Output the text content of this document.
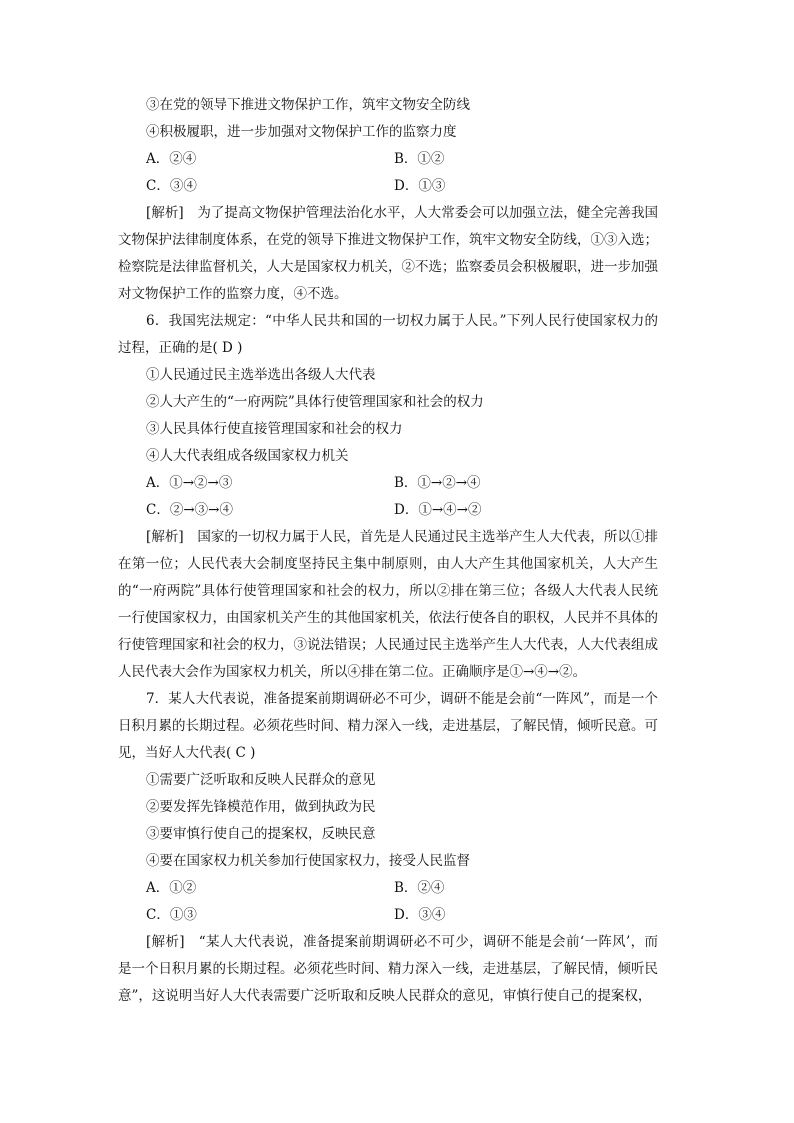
③在党的领导下推进文物保护工作，筑牢文物安全防线
④积极履职，进一步加强对文物保护工作的监察力度
A．②④	B．①②
C．③④	D．①③
[解析]　 为了提高文物保护管理法治化水平，人大常委会可以加强立法，健全完善我国文物保护法律制度体系，在党的领导下推进文物保护工作，筑牢文物安全防线，①③入选；检察院是法律监督机关，人大是国家权力机关，②不选；监察委员会积极履职，进一步加强对文物保护工作的监察力度，④不选。
6．我国宪法规定：“中华人民共和国的一切权力属于人民。”下列人民行使国家权力的过程，正确的是( D )
①人民通过民主选举选出各级人大代表
②人大产生的“一府两院”具体行使管理国家和社会的权力
③人民具体行使直接管理国家和社会的权力
④人大代表组成各级国家权力机关
A．①→②→③	B．①→②→④
C．②→③→④	D．①→④→②
[解析]　 国家的一切权力属于人民，首先是人民通过民主选举产生人大代表，所以①排在第一位；人民代表大会制度坚持民主集中制原则，由人大产生其他国家机关，人大产生的“一府两院”具体行使管理国家和社会的权力，所以②排在第三位；各级人大代表人民统一行使国家权力，由国家机关产生的其他国家机关，依法行使各自的职权，人民并不具体的行使管理国家和社会的权力，③说法错误；人民通过民主选举产生人大代表，人大代表组成人民代表大会作为国家权力机关，所以④排在第二位。正确顺序是①→④→②。
7．某人大代表说，准备提案前期调研必不可少，调研不能是会前“一阵风”，而是一个日积月累的长期过程。必须花些时间、精力深入一线，走进基层，了解民情，倾听民意。可见，当好人大代表( C )
①需要广泛听取和反映人民群众的意见
②要发挥先锋模范作用，做到执政为民
③要审慎行使自己的提案权，反映民意
④要在国家权力机关参加行使国家权力，接受人民监督
A．①②	B．②④
C．①③	D．③④
[解析]　 “某人大代表说，准备提案前期调研必不可少，调研不能是会前‘一阵风’，而是一个日积月累的长期过程。必须花些时间、精力深入一线，走进基层，了解民情，倾听民意”，这说明当好人大代表需要广泛听取和反映人民群众的意见，审慎行使自己的提案权，
